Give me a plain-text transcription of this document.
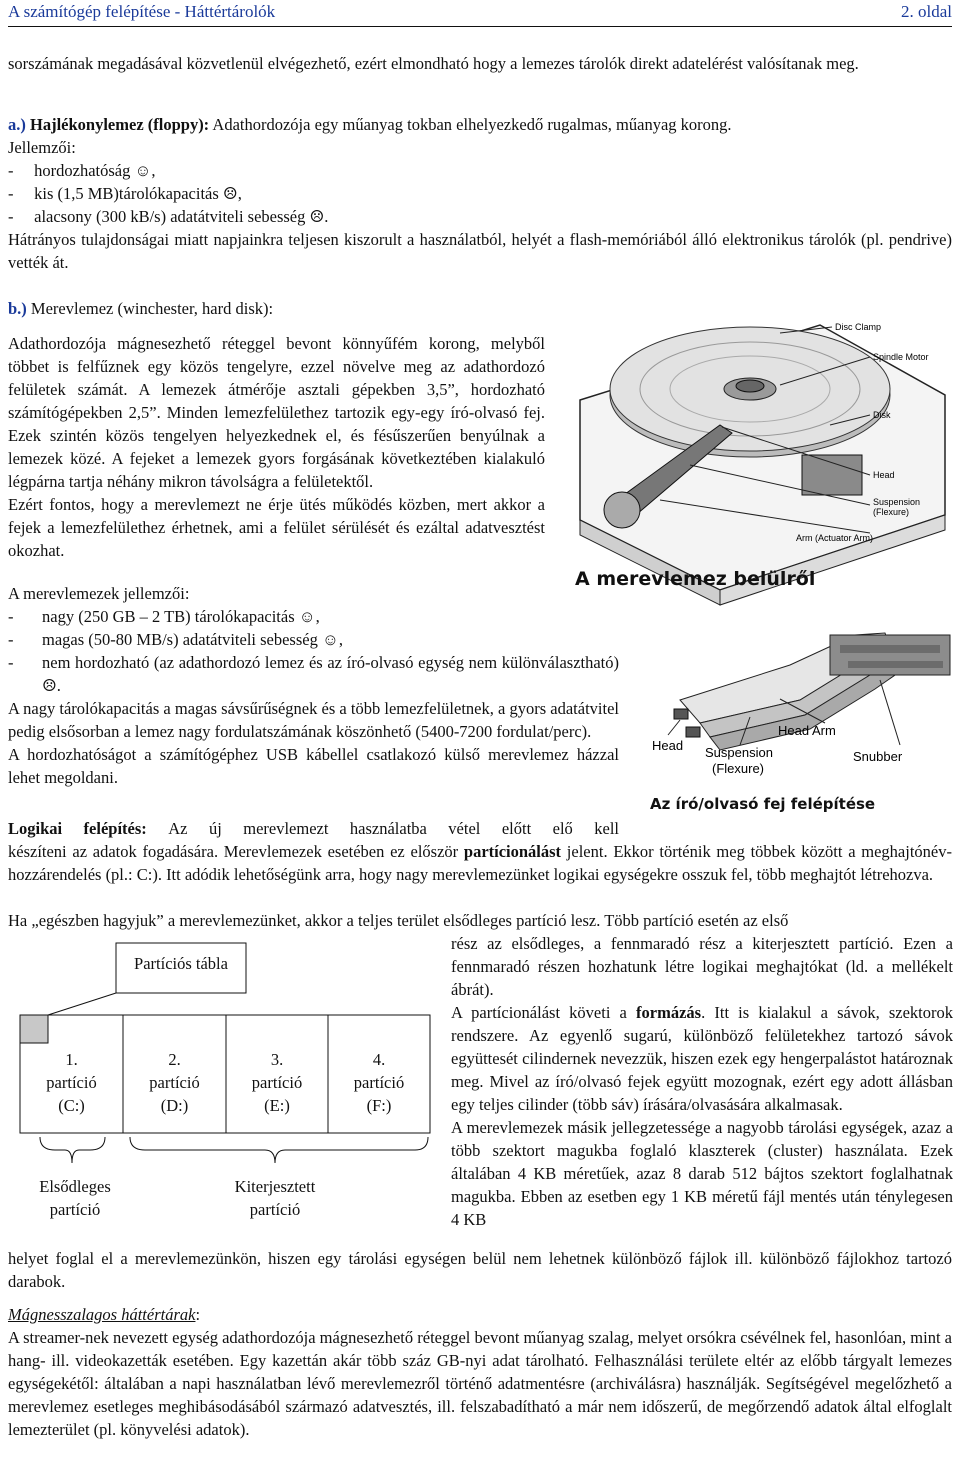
A számítógép felépítése - Háttértárolók	2. oldal
sorszámának megadásával közvetlenül elvégezhető, ezért elmondható hogy a lemezes tárolók direkt adatelérést valósítanak meg.
a.) Hajlékonylemez (floppy): Adathordozója egy műanyag tokban elhelyezkedő rugalmas, műanyag korong.
Jellemzői:
-     hordozhatóság ☺,
-     kis (1,5 MB)tárolókapacitás ☹,
-     alacsony (300 kB/s) adatátviteli sebesség ☹.
Hátrányos tulajdonságai miatt napjainkra teljesen kiszorult a használatból, helyét a flash-memóriából álló elektronikus tárolók (pl. pendrive) vették át.
b.) Merevlemez (winchester, hard disk):
Adathordozója mágnesezhető réteggel bevont könnyűfém korong, melyből többet is felfűznek egy közös tengelyre, ezzel növelve meg az adathordozó felületek számát. A lemezek átmérője asztali gépekben 3,5”, hordozható számítógépekben 2,5”. Minden lemezfelülethez tartozik egy-egy író-olvasó fej. Ezek szintén közös tengelyen helyezkednek el, és fésűszerűen benyúlnak a lemezek közé. A fejeket a lemezek gyors forgásának következtében kialakuló légpárna tartja néhány mikron távolságra a felületektől.
Ezért fontos, hogy a merevlemezt ne érje ütés működés közben, mert akkor a fejek a lemezfelülethez érhetnek, ami a felület sérülését és ezáltal adatvesztést okozhat.
A merevlemezek jellemzői:
-	nagy (250 GB – 2 TB) tárolókapacitás ☺,
-	magas (50-80 MB/s) adatátviteli sebesség ☺,
-	nem hordozható (az adathordozó lemez és az író-olvasó egység nem különválasztható) ☹.
A nagy tárolókapacitás a magas sávsűrűségnek és a több lemezfelületnek, a gyors adatátvitel pedig elsősorban a lemez nagy fordulatszámának köszönhető (5400-7200 fordulat/perc).
A hordozhatóságot a számítógéphez USB kábellel csatlakozó külső merevlemez házzal lehet megoldani.
Disc Clamp
Spindle Motor
Disk
Head
Suspension
(Flexure)
Arm (Actuator Arm)
A merevlemez belülről
Head
Head Arm
Suspension
(Flexure)
Snubber
Az író/olvasó fej felépítése
Logikai felépítés: Az új merevlemezt használatba vétel előtt elő kell
készíteni az adatok fogadására. Merevlemezek esetében ez először partícionálást jelent. Ekkor történik meg többek között a meghajtónév-hozzárendelés (pl.: C:). Itt adódik lehetőségünk arra, hogy nagy merevlemezünket logikai egységekre osszuk fel, több meghajtót létrehozva.
Ha „egészben hagyjuk” a merevlemezünket, akkor a teljes terület elsődleges partíció lesz. Több partíció esetén az első
rész az elsődleges, a fennmaradó rész a kiterjesztett partíció. Ezen a fennmaradó részen hozhatunk létre logikai meghajtókat (ld. a mellékelt ábrát).
A partícionálást követi a formázás. Itt is kialakul a sávok, szektorok rendszere. Az egyenlő sugarú, különböző felületekhez tartozó sávok együttesét cilindernek nevezzük, hiszen ezek egy hengerpalástot határoznak meg. Mivel az író/olvasó fejek együtt mozognak, ezért egy adott állásban egy teljes cilinder (több sáv) írására/olvasására alkalmasak.
A merevlemezek másik jellegzetessége a nagyobb tárolási egységek, azaz a több szektort magukba foglaló klaszterek (cluster) használata. Ezek általában 4 KB méretűek, azaz 8 darab 512 bájtos szektort foglalhatnak magukba. Ebben az esetben egy 1 KB méretű fájl mentés után ténylegesen 4 KB
helyet foglal el a merevlemezünkön, hiszen egy tárolási egységen belül nem lehetnek különböző fájlok ill. különböző fájlokhoz tartozó darabok.
Partíciós tábla
1.
partíció
(C:)
2.
partíció
(D:)
3.
partíció
(E:)
4.
partíció
(F:)
Elsődleges
partíció
Kiterjesztett
partíció
Mágnesszalagos háttértárak:
A streamer-nek nevezett egység adathordozója mágnesezhető réteggel bevont műanyag szalag, melyet orsókra csévélnek fel, hasonlóan, mint a hang- ill. videokazetták esetében. Egy kazettán akár több száz GB-nyi adat tárolható. Felhasználási területe eltér az előbb tárgyalt lemezes egységekétől: általában a napi használatban lévő merevlemezről történő adatmentésre (archiválásra) használják. Segítségével megelőzhető a merevlemez esetleges meghibásodásából származó adatvesztés, ill. felszabadítható a már nem időszerű, de megőrzendő adatok által elfoglalt lemezterület (pl. könyvelési adatok).
